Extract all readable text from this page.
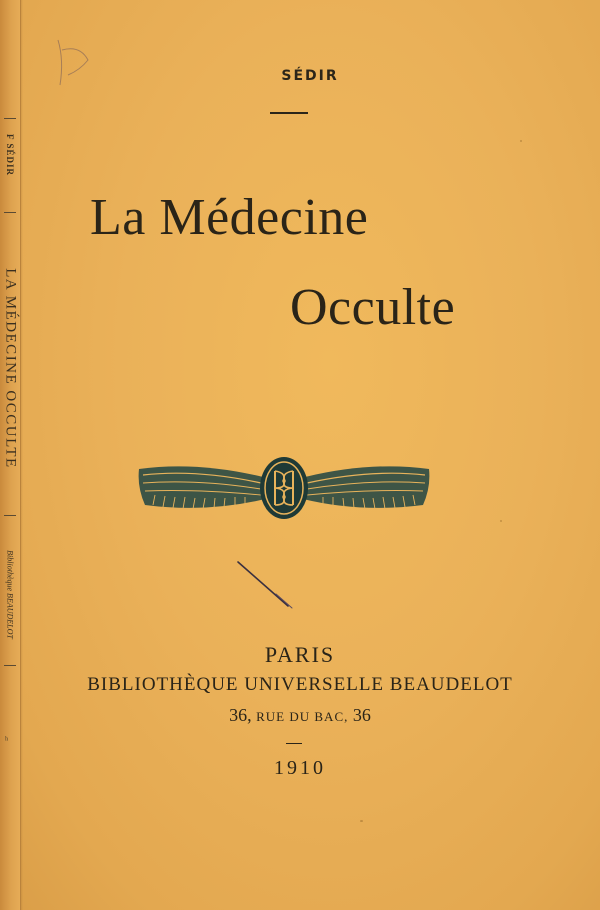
F SÉDIR
LA MÉDECINE OCCULTE
Bibliothèque BEAUDELOT
ʰ
SÉDIR
La Médecine
Occulte
PARIS
BIBLIOTHÈQUE UNIVERSELLE BEAUDELOT
36, RUE DU BAC, 36
1910
